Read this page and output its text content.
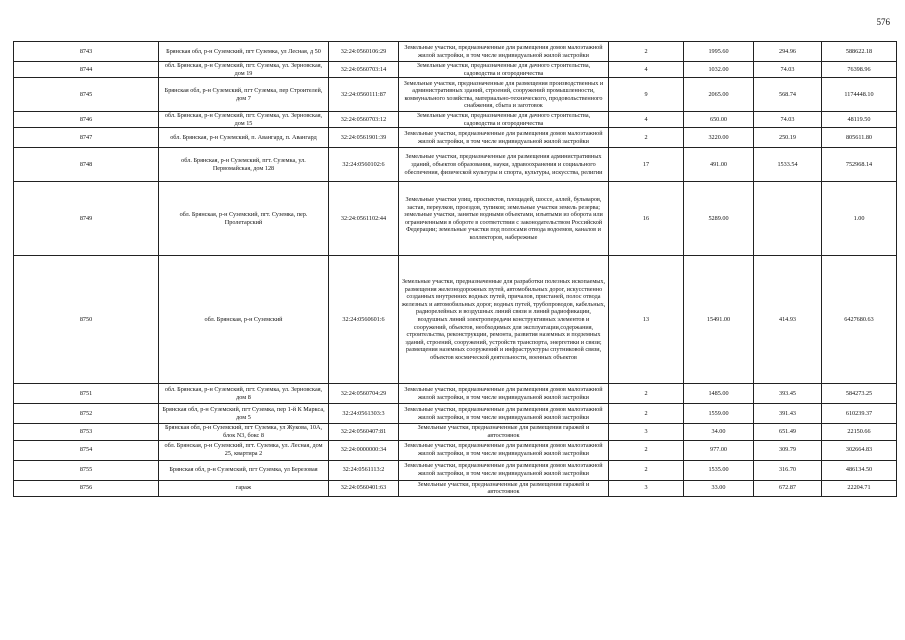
576
8743	Брянская обл, р-н Суземский, пгт Суземка, ул Лесная, д 50	32:24:0560106:29	Земельные участки, предназначенные для размещения домов малоэтажной жилой застройки, в том числе индивидуальной жилой застройки	2	1995.60	294.96	588622.18
8744	обл. Брянская, р-н Суземский, пгт. Суземка, ул. Зерновская, дом 19	32:24:0560703:14	Земельные участки, предназначенные для дачного строительства, садоводства и огородничества	4	1032.00	74.03	76398.96
8745	Брянская обл, р-н Суземский, пгт Суземка, пер Строителей, дом 7	32:24:0560111:87	Земельные участки, предназначенные для размещения производственных и административных зданий, строений, сооружений промышленности, коммунального хозяйства, материально-технического, продовольственного снабжения, сбыта и заготовок	9	2065.00	568.74	1174448.10
8746	обл. Брянская, р-н Суземский, пгт. Суземка, ул. Зерновская, дом 15	32:24:0560703:12	Земельные участки, предназначенные для дачного строительства, садоводства и огородничества	4	650.00	74.03	48119.50
8747	обл. Брянская, р-н Суземский, п. Авангард, п. Авангард	32:24:0561901:39	Земельные участки, предназначенные для размещения домов малоэтажной жилой застройки, в том числе индивидуальной жилой застройки	2	3220.00	250.19	805611.80
8748	обл. Брянская, р-н Суземский, пгт. Суземка, ул. Первомайская, дом 128	32:24:0560102:6	Земельные участки, предназначенные для размещения административных зданий, объектов образования, науки, здравоохранения и социального обеспечения, физической культуры и спорта, культуры, искусства, религии	17	491.00	1533.54	752968.14
8749	обл. Брянская, р-н Суземский, пгт. Суземка, пер. Пролетарский	32:24:0561102:44	Земельные участки улиц, проспектов, площадей, шоссе, аллей, бульваров, застав, переулков, проездов, тупиков; земельные участки земель резерва; земельные участки, занятые водными объектами, изъятыми из оборота или ограниченными в обороте в соответствии с законодательством Российской Федерации; земельные участки под полосами отвода водоемов, каналов и коллекторов, набережные	16	5289.00		1.00
8750	обл. Брянская, р-н Суземский	32:24:0560601:6	Земельные участки, предназначенные для разработки полезных ископаемых, размещения железнодорожных путей, автомобильных дорог, искусственно созданных внутренних водных путей, причалов, пристаней, полос отвода железных и автомобильных дорог, водных путей, трубопроводов, кабельных, радиорелейных и воздушных линий связи и линий радиофикации, воздушных линий электропередачи конструктивных элементов и сооружений, объектов, необходимых для эксплуатации,содержания, строительства, реконструкции, ремонта, развития наземных и подземных зданий, строений, сооружений, устройств транспорта, энергетики и связи; размещения наземных сооружений и инфраструктуры спутниковой связи, объектов космической деятельности, военных объектов	13	15491.00	414.93	6427680.63
8751	обл. Брянская, р-н Суземский, пгт. Суземка, ул. Зерновская, дом 8	32:24:0560704:29	Земельные участки, предназначенные для размещения домов малоэтажной жилой застройки, в том числе индивидуальной жилой застройки	2	1485.00	393.45	584273.25
8752	Брянская обл, р-н Суземский, пгт Суземка, пер 1-й К Маркса, дом 5	32:24:0561303:3	Земельные участки, предназначенные для размещения домов малоэтажной жилой застройки, в том числе индивидуальной жилой застройки	2	1559.00	391.43	610239.37
8753	Брянская обл, р-н Суземский, пгт Суземка, ул Жукова, 10А, блок N3, бокс 8	32:24:0560407:81	Земельные участки, предназначенные для размещения гаражей и автостоянок	3	34.00	651.49	22150.66
8754	обл. Брянская, р-н Суземский, пгт. Суземка, ул. Лесная, дом 25, квартира 2	32:24:0000000:34	Земельные участки, предназначенные для размещения домов малоэтажной жилой застройки, в том числе индивидуальной жилой застройки	2	977.00	309.79	302664.83
8755	Брянская обл, р-н Суземский, пгт Суземка, ул Березовая	32:24:0561113:2	Земельные участки, предназначенные для размещения домов малоэтажной жилой застройки, в том числе индивидуальной жилой застройки	2	1535.00	316.70	486134.50
8756	гараж	32:24:0560401:63	Земельные участки, предназначенные для размещения гаражей и автостоянок	3	33.00	672.87	22204.71
